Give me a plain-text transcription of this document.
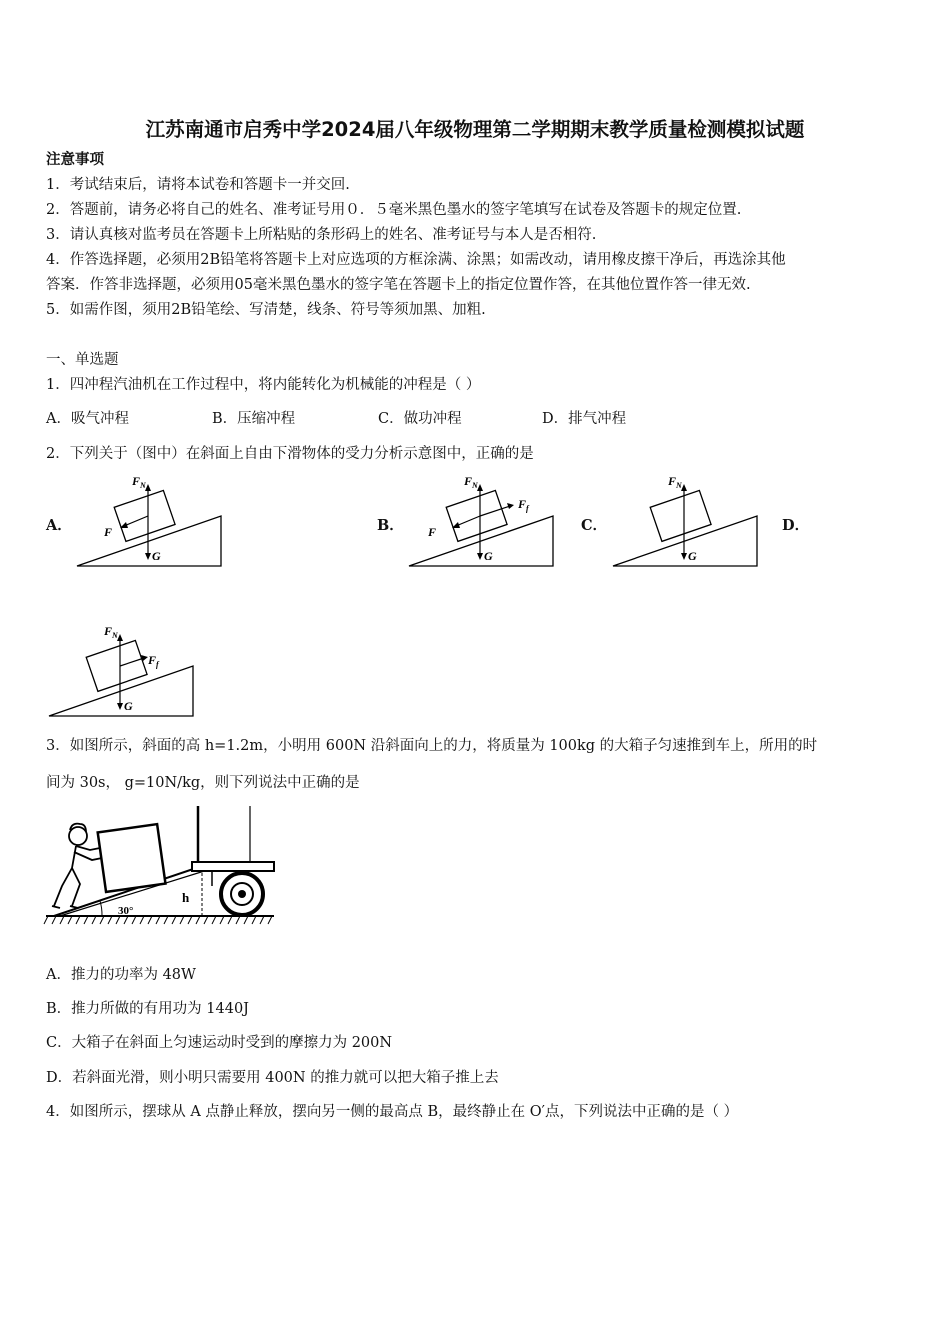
江苏南通市启秀中学2024届八年级物理第二学期期末教学质量检测模拟试题
注意事项
1．考试结束后，请将本试卷和答题卡一并交回.
2．答题前，请务必将自己的姓名、准考证号用０．５毫米黑色墨水的签字笔填写在试卷及答题卡的规定位置.
3．请认真核对监考员在答题卡上所粘贴的条形码上的姓名、准考证号与本人是否相符.
4．作答选择题，必须用2B铅笔将答题卡上对应选项的方框涂满、涂黑；如需改动，请用橡皮擦干净后，再选涂其他
答案．作答非选择题，必须用05毫米黑色墨水的签字笔在答题卡上的指定位置作答，在其他位置作答一律无效.
5．如需作图，须用2B铅笔绘、写清楚，线条、符号等须加黑、加粗.
一、单选题
1．四冲程汽油机在工作过程中，将内能转化为机械能的冲程是（ ）
A．吸气冲程	B．压缩冲程	C．做功冲程	D．排气冲程
2．下列关于（图中）在斜面上自由下滑物体的受力分析示意图中，正确的是
A．	B．	C．	D．
$F_N$
F
G
$F_N$
$F_f$
F
G
$F_N$
G
$F_N$
$F_f$
G
3．如图所示，斜面的高 h=1.2m，小明用 600N 沿斜面向上的力，将质量为 100kg 的大箱子匀速推到车上，所用的时
间为 30s， g=10N/kg，则下列说法中正确的是
30°
h
A．推力的功率为 48W
B．推力所做的有用功为 1440J
C．大箱子在斜面上匀速运动时受到的摩擦力为 200N
D．若斜面光滑，则小明只需要用 400N 的推力就可以把大箱子推上去
4．如图所示，摆球从 A 点静止释放，摆向另一侧的最高点 B，最终静止在 O′点，下列说法中正确的是（ ）
